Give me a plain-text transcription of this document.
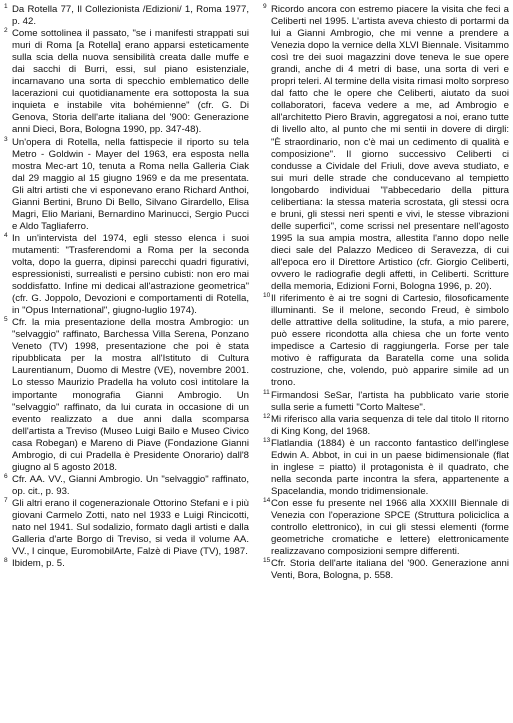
1 Da Rotella 77, Il Collezionista /Edizioni/ 1, Roma 1977, p. 42.

2 Come sottolinea il passato, "se i manifesti strappati sui muri di Roma [a Rotella] erano apparsi esteticamente sulla scia della nuova sensibilità creata dalle muffe e dai sacchi di Burri, essi, sul piano esistenziale, incarnavano una sorta di specchio emblematico delle lacerazioni cui quotidianamente era sottoposta la sua inquieta e instabile vita bohémienne" (cfr. G. Di Genova, Storia dell'arte italiana del '900: Generazione anni Dieci, Bora, Bologna 1990, pp. 347-48).

3 Un'opera di Rotella, nella fattispecie il riporto su tela Metro - Goldwin - Mayer del 1963, era esposta nella mostra Mec-art 10, tenuta a Roma nella Galleria Ciak dal 29 maggio al 15 giugno 1969 e da me presentata. Gli altri artisti che vi esponevano erano Richard Anthoi, Gianni Bertini, Bruno Di Bello, Silvano Girardello, Elisa Magri, Elio Mariani, Bernardino Marinucci, Sergio Pucci e Aldo Tagliaferro.

4 In un'intervista del 1974, egli stesso elenca i suoi mutamenti: "Trasferendomi a Roma per la seconda volta, dopo la guerra, dipinsi parecchi quadri figurativi, espressionisti, surrealisti e persino cubisti: non ero mai soddisfatto. Infine mi dedicai all'astrazione geometrica" (cfr. G. Joppolo, Devozioni e comportamenti di Rotella, in "Opus International", giugno-luglio 1974).

5 Cfr. la mia presentazione della mostra Ambrogio: un "selvaggio" raffinato, Barchessa Villa Serena, Ponzano Veneto (TV) 1998, presentazione che poi è stata ripubblicata per la mostra all'Istituto di Cultura Laurentianum, Duomo di Mestre (VE), novembre 2001. Lo stesso Maurizio Pradella ha voluto così intitolare la importante monografia Gianni Ambrogio. Un "selvaggio" raffinato, da lui curata in occasione di un evento realizzato a due anni dalla scomparsa dell'artista a Treviso (Museo Luigi Bailo e Museo Civico casa Robegan) e Mareno di Piave (Fondazione Gianni Ambrogio, di cui Pradella è Presidente Onorario) dall'8 giugno al 5 agosto 2018.

6 Cfr. AA. VV., Gianni Ambrogio. Un "selvaggio" raffinato, op. cit., p. 93.

7 Gli altri erano il cogenerazionale Ottorino Stefani e i più giovani Carmelo Zotti, nato nel 1933 e Luigi Rincicotti, nato nel 1941. Sul sodalizio, formato dagli artisti e dalla Galleria d'arte Borgo di Treviso, si veda il volume AA. VV., I cinque, EuromobilArte, Falzè di Piave (TV), 1987.

8 Ibidem, p. 5.

9 Ricordo ancora con estremo piacere la visita che feci a Celiberti nel 1995. L'artista aveva chiesto di portarmi da lui a Gianni Ambrogio, che mi venne a prendere a Venezia dopo la vernice della XLVI Biennale. Visitammo così tre dei suoi magazzini dove teneva le sue opere grandi, anche di 4 metri di base, una sorta di veri e propri teleri. Al termine della visita rimasi molto sorpreso dal fatto che le opere che Celiberti, aiutato da suoi collaboratori, faceva vedere a me, ad Ambrogio e all'architetto Piero Bravin, aggregatosi a noi, erano tutte di livello alto, al punto che mi sentii in dovere di dirgli: "È straordinario, non c'è mai un cedimento di qualità e composizione". Il giorno successivo Celiberti ci condusse a Cividale del Friuli, dove aveva studiato, e sui muri delle strade che conducevano al tempietto longobardo individuai "l'abbecedario della pittura celibertiana: la stessa materia scrostata, gli stessi ocra e bruni, gli stessi neri spenti e vivi, le stesse vibrazioni delle superfici", come scrissi nel presentare nell'agosto 1995 la sua ampia mostra, allestita l'anno dopo nelle dieci sale del Palazzo Mediceo di Seravezza, di cui all'epoca ero il Direttore Artistico (cfr. Giorgio Celiberti, ovvero le radiografie degli affetti, in Celiberti. Scritture della memoria, Edizioni Forni, Bologna 1996, p. 20).

10 Il riferimento è ai tre sogni di Cartesio, filosoficamente illuminanti. Se il melone, secondo Freud, è simbolo delle attrattive della solitudine, la stufa, a mio parere, può essere ricondotta alla chiesa che un forte vento impedisce a Cartesio di raggiungerla. Forse per tale motivo è raffigurata da Baratella come una solida costruzione, che, volendo, può apparire simile ad un trono.

11 Firmandosi SeSar, l'artista ha pubblicato varie storie sulla serie a fumetti "Corto Maltese".

12 Mi riferisco alla varia sequenza di tele dal titolo Il ritorno di King Kong, del 1968.

13 Flatlandia (1884) è un racconto fantastico dell'inglese Edwin A. Abbot, in cui in un paese bidimensionale (flat in inglese = piatto) il protagonista è il quadrato, che nella seconda parte incontra la sfera, appartenente a Spacelandia, mondo tridimensionale.

14 Con esse fu presente nel 1966 alla XXXIII Biennale di Venezia con l'operazione SPCE (Struttura policiclica a controllo elettronico), in cui gli stessi elementi (forme geometriche cromatiche e lettere) elettronicamente realizzavano composizioni sempre differenti.

15 Cfr. Storia dell'arte italiana del '900. Generazione anni Venti, Bora, Bologna, p. 558.
